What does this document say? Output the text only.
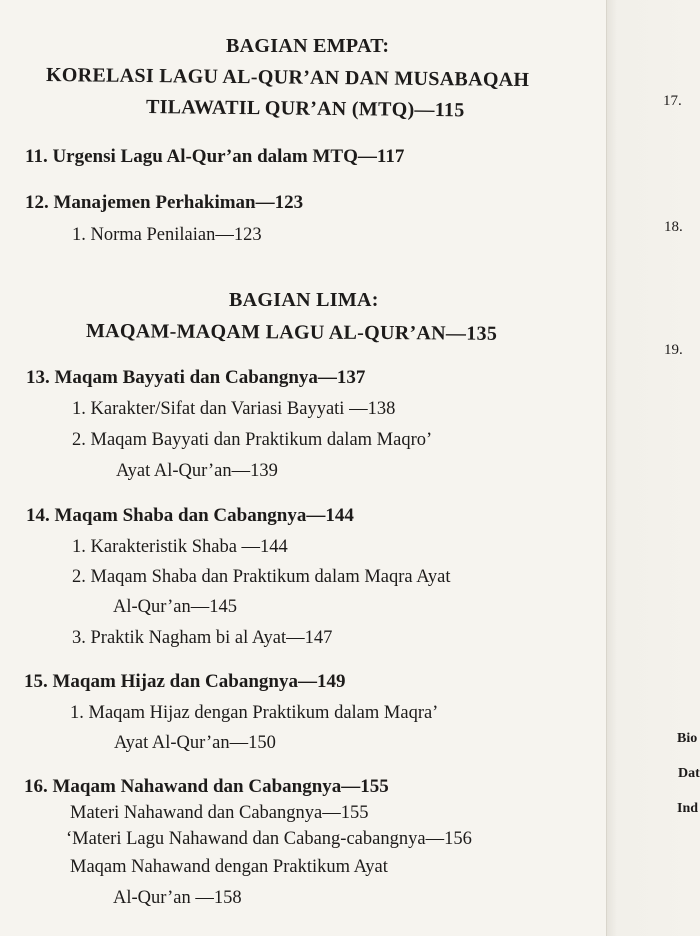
BAGIAN EMPAT:
KORELASI LAGU AL-QUR’AN DAN MUSABAQAH
TILAWATIL QUR’AN (MTQ)—115
11. Urgensi Lagu Al-Qur’an dalam MTQ—117
12. Manajemen Perhakiman—123
1. Norma Penilaian—123
BAGIAN LIMA:
MAQAM-MAQAM LAGU AL-QUR’AN—135
13. Maqam Bayyati dan Cabangnya—137
1. Karakter/Sifat dan Variasi Bayyati —138
2. Maqam Bayyati dan Praktikum dalam Maqro’
Ayat Al-Qur’an—139
14. Maqam Shaba dan Cabangnya—144
1. Karakteristik Shaba —144
2. Maqam Shaba dan Praktikum dalam Maqra Ayat
Al-Qur’an—145
3. Praktik Nagham bi al Ayat—147
15. Maqam Hijaz dan Cabangnya—149
1. Maqam Hijaz dengan Praktikum dalam Maqra’
Ayat Al-Qur’an—150
16. Maqam Nahawand dan Cabangnya—155
Materi Nahawand dan Cabangnya—155
‘Materi Lagu Nahawand dan Cabang-cabangnya—156
Maqam Nahawand dengan Praktikum Ayat
Al-Qur’an —158
17.
18.
19.
Bio
Dat
Ind
